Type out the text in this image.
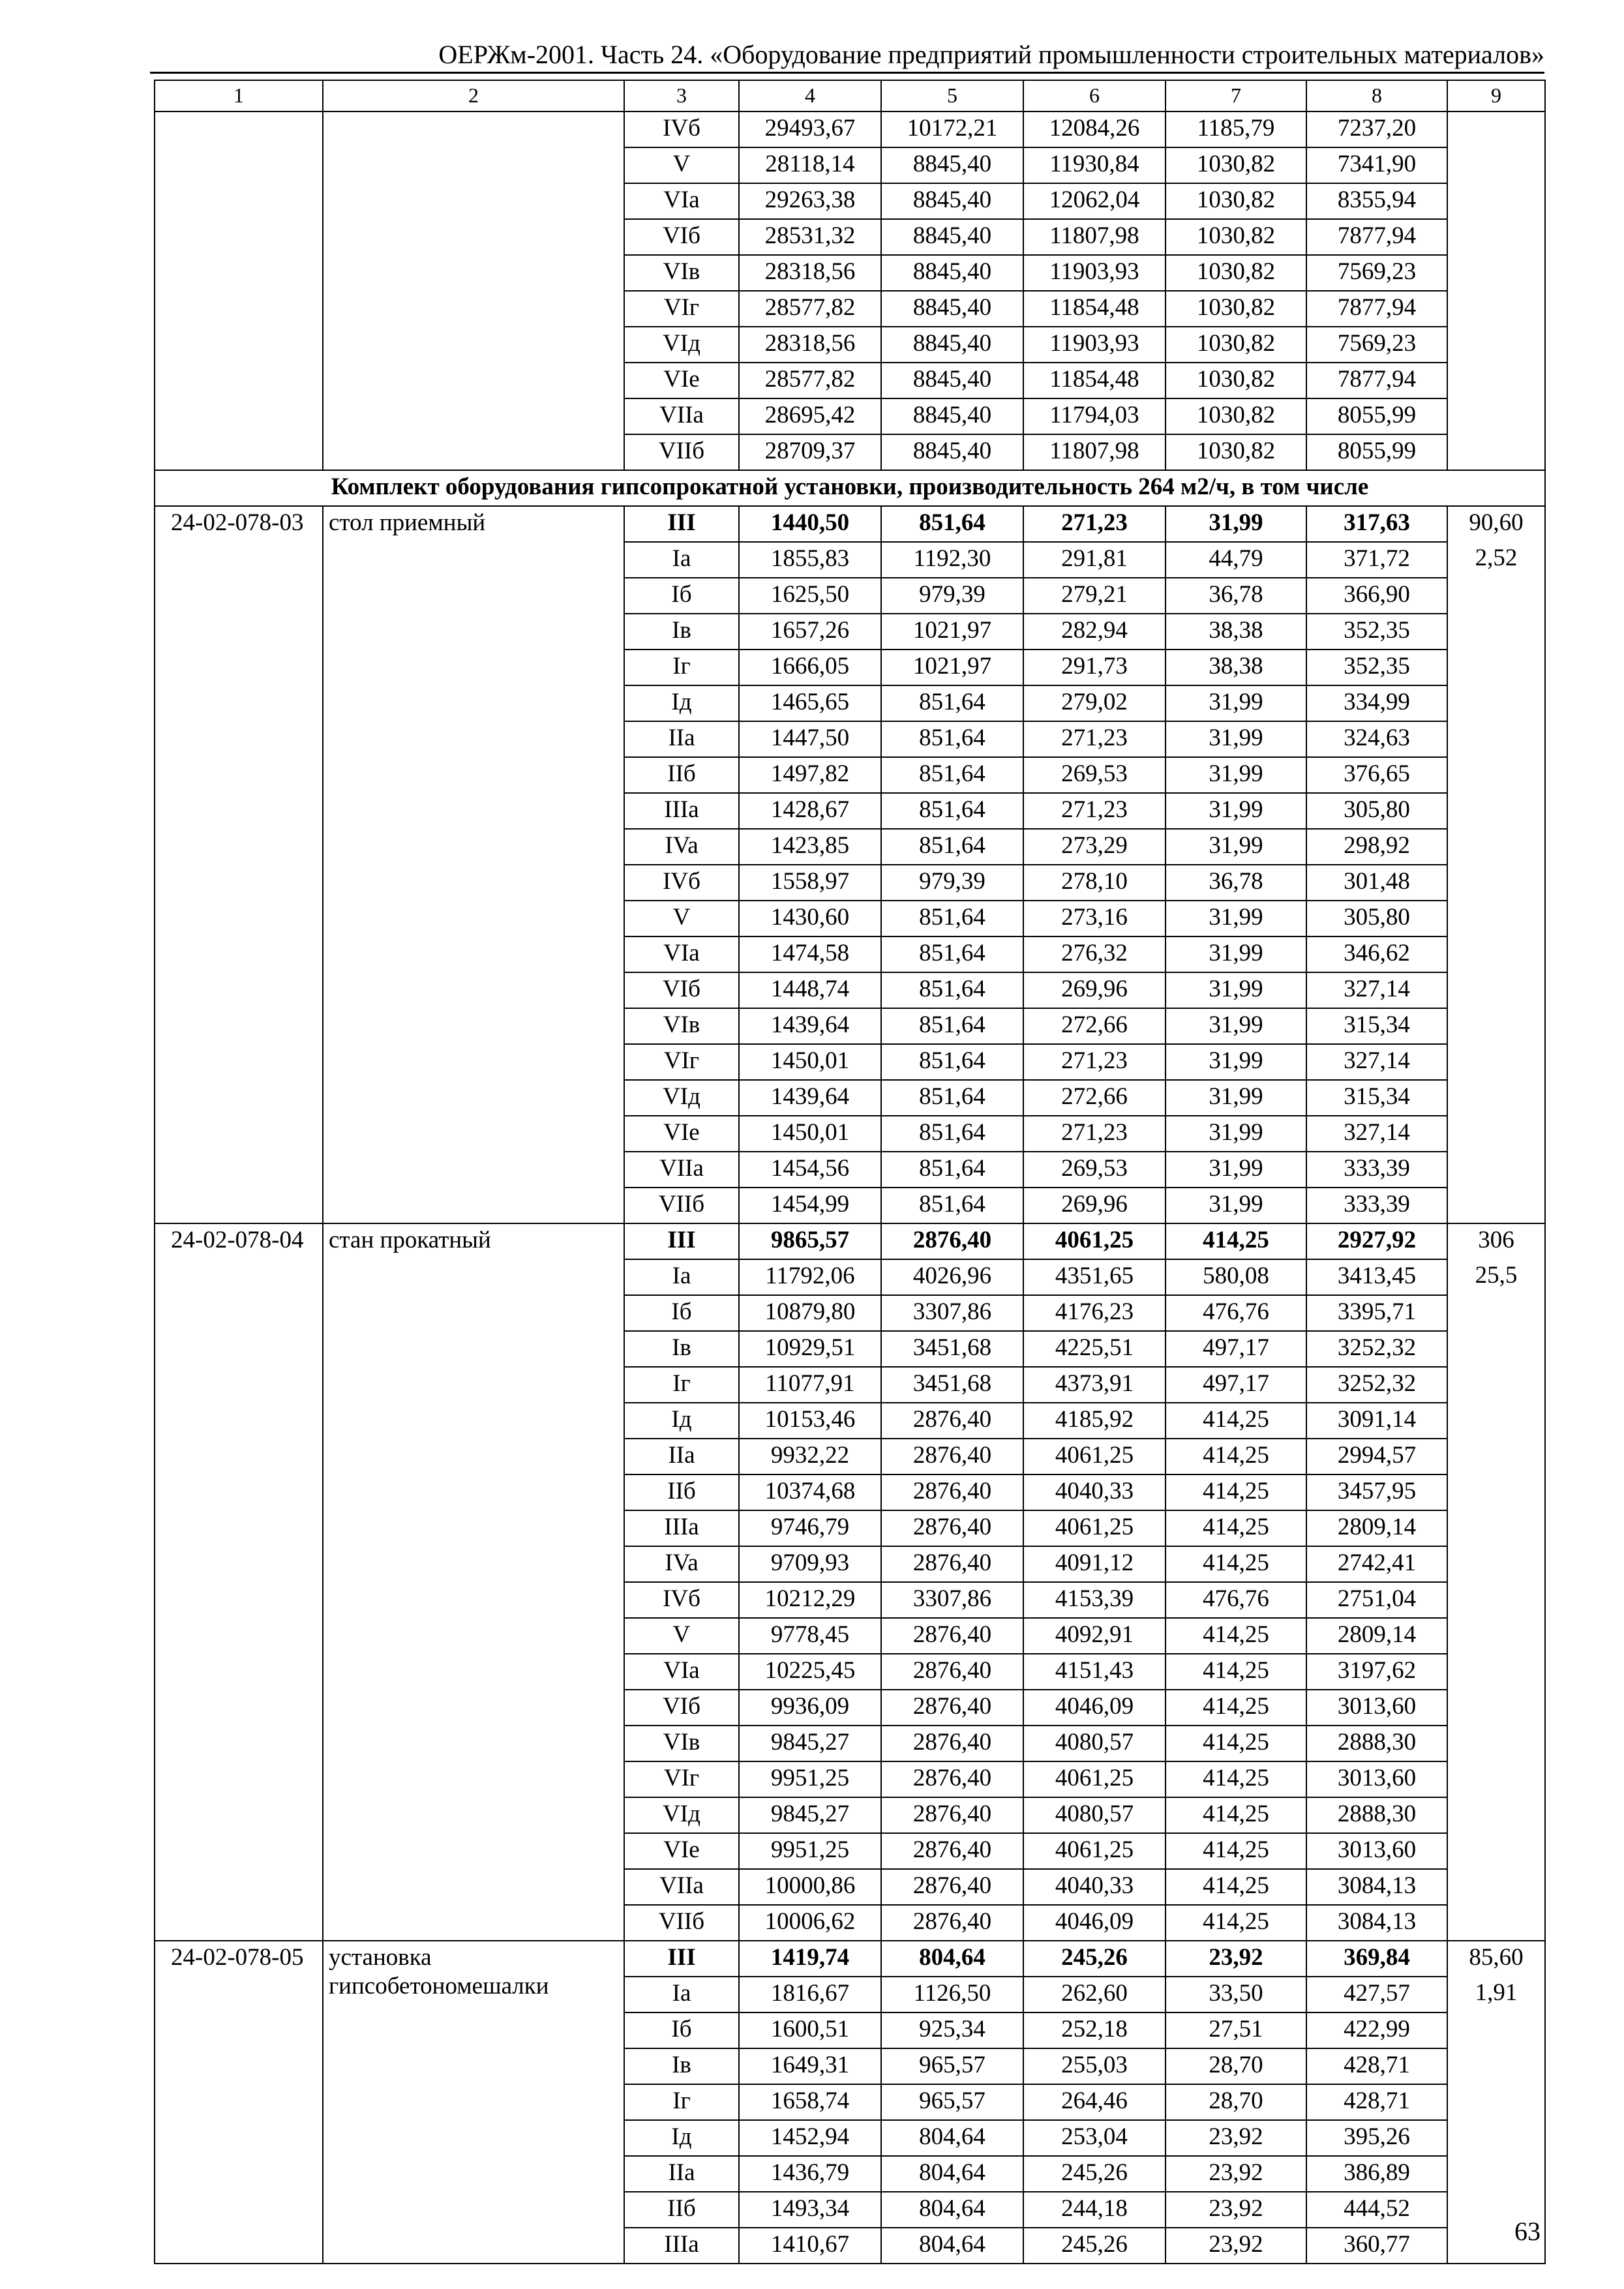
ОЕРЖм-2001. Часть 24. «Оборудование предприятий промышленности строительных материалов»
1	2	3	4	5	6	7	8	9
		IVб	29493,67	10172,21	12084,26	1185,79	7237,20	
		V	28118,14	8845,40	11930,84	1030,82	7341,90	
		VIa	29263,38	8845,40	12062,04	1030,82	8355,94	
		VIб	28531,32	8845,40	11807,98	1030,82	7877,94	
		VIв	28318,56	8845,40	11903,93	1030,82	7569,23	
		VIг	28577,82	8845,40	11854,48	1030,82	7877,94	
		VIд	28318,56	8845,40	11903,93	1030,82	7569,23	
		VIе	28577,82	8845,40	11854,48	1030,82	7877,94	
		VIIa	28695,42	8845,40	11794,03	1030,82	8055,99	
		VIIб	28709,37	8845,40	11807,98	1030,82	8055,99	
Комплект оборудования гипсопрокатной установки, производительность 264 м2/ч, в том числе								
24-02-078-03	стол приемный	III	1440,50	851,64	271,23	31,99	317,63	90,60
		Ia	1855,83	1192,30	291,81	44,79	371,72	2,52
		Iб	1625,50	979,39	279,21	36,78	366,90	
		Iв	1657,26	1021,97	282,94	38,38	352,35	
		Iг	1666,05	1021,97	291,73	38,38	352,35	
		Iд	1465,65	851,64	279,02	31,99	334,99	
		IIa	1447,50	851,64	271,23	31,99	324,63	
		IIб	1497,82	851,64	269,53	31,99	376,65	
		IIIa	1428,67	851,64	271,23	31,99	305,80	
		IVa	1423,85	851,64	273,29	31,99	298,92	
		IVб	1558,97	979,39	278,10	36,78	301,48	
		V	1430,60	851,64	273,16	31,99	305,80	
		VIa	1474,58	851,64	276,32	31,99	346,62	
		VIб	1448,74	851,64	269,96	31,99	327,14	
		VIв	1439,64	851,64	272,66	31,99	315,34	
		VIг	1450,01	851,64	271,23	31,99	327,14	
		VIд	1439,64	851,64	272,66	31,99	315,34	
		VIе	1450,01	851,64	271,23	31,99	327,14	
		VIIa	1454,56	851,64	269,53	31,99	333,39	
		VIIб	1454,99	851,64	269,96	31,99	333,39	
24-02-078-04	стан прокатный	III	9865,57	2876,40	4061,25	414,25	2927,92	306
		Ia	11792,06	4026,96	4351,65	580,08	3413,45	25,5
		Iб	10879,80	3307,86	4176,23	476,76	3395,71	
		Iв	10929,51	3451,68	4225,51	497,17	3252,32	
		Iг	11077,91	3451,68	4373,91	497,17	3252,32	
		Iд	10153,46	2876,40	4185,92	414,25	3091,14	
		IIa	9932,22	2876,40	4061,25	414,25	2994,57	
		IIб	10374,68	2876,40	4040,33	414,25	3457,95	
		IIIa	9746,79	2876,40	4061,25	414,25	2809,14	
		IVa	9709,93	2876,40	4091,12	414,25	2742,41	
		IVб	10212,29	3307,86	4153,39	476,76	2751,04	
		V	9778,45	2876,40	4092,91	414,25	2809,14	
		VIa	10225,45	2876,40	4151,43	414,25	3197,62	
		VIб	9936,09	2876,40	4046,09	414,25	3013,60	
		VIв	9845,27	2876,40	4080,57	414,25	2888,30	
		VIг	9951,25	2876,40	4061,25	414,25	3013,60	
		VIд	9845,27	2876,40	4080,57	414,25	2888,30	
		VIе	9951,25	2876,40	4061,25	414,25	3013,60	
		VIIa	10000,86	2876,40	4040,33	414,25	3084,13	
		VIIб	10006,62	2876,40	4046,09	414,25	3084,13	
24-02-078-05	установка гипсобетономешалки	III	1419,74	804,64	245,26	23,92	369,84	85,60
		Ia	1816,67	1126,50	262,60	33,50	427,57	1,91
		Iб	1600,51	925,34	252,18	27,51	422,99	
		Iв	1649,31	965,57	255,03	28,70	428,71	
		Iг	1658,74	965,57	264,46	28,70	428,71	
		Iд	1452,94	804,64	253,04	23,92	395,26	
		IIa	1436,79	804,64	245,26	23,92	386,89	
		IIб	1493,34	804,64	244,18	23,92	444,52	
		IIIa	1410,67	804,64	245,26	23,92	360,77		63
